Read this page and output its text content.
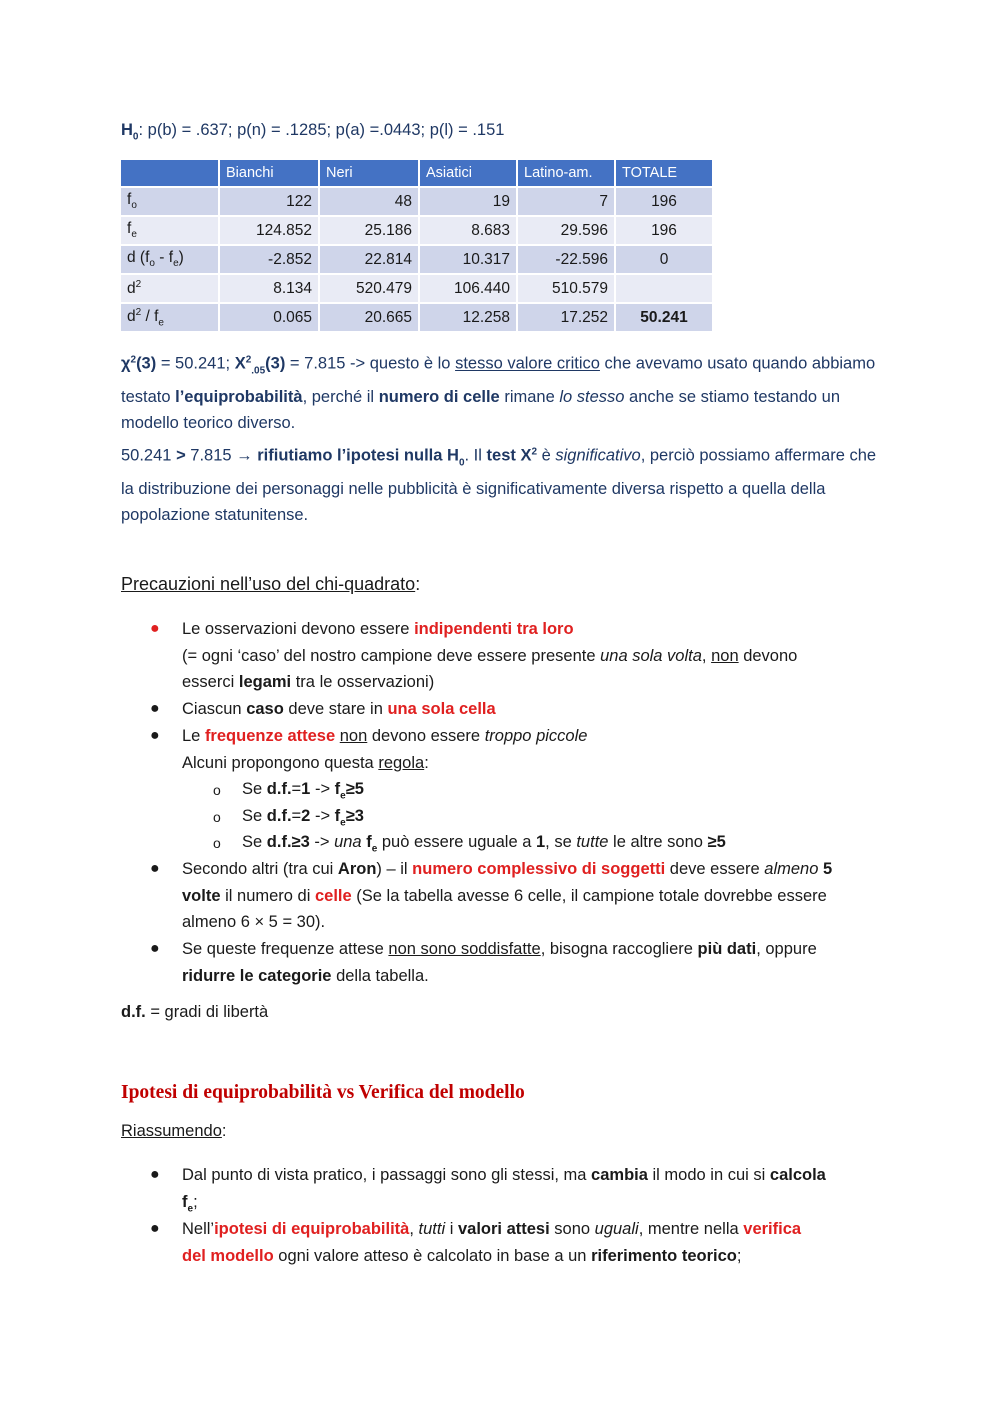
$H_0$: p(b) = .637; p(n) = .1285; p(a) =.0443; p(l) = .151
	Bianchi	Neri	Asiatici	Latino-am.	TOTALE
$f_o$	122	48	19	7	196
$f_e$	124.852	25.186	8.683	29.596	196
d $(f_o - f_e)$	-2.852	22.814	10.317	-22.596	0
$d^2$	8.134	520.479	106.440	510.579	
$d^2 / f_e$	0.065	20.665	12.258	17.252	50.241
$\chi^2(3) = 50.241$; $X^2_{.05}(3) = 7.815$ -> questo è lo stesso valore critico che avevamo usato quando abbiamo testato l’equiprobabilità, perché il numero di celle rimane lo stesso anche se stiamo testando un modello teorico diverso.
50.241 > 7.815 → rifiutiamo l’ipotesi nulla $H_0$. Il test $X^2$ è significativo, perciò possiamo affermare che la distribuzione dei personaggi nelle pubblicità è significativamente diversa rispetto a quella della popolazione statunitense.
Precauzioni nell’uso del chi-quadrato:
● Le osservazioni devono essere indipendenti tra loro
(= ogni ‘caso’ del nostro campione deve essere presente una sola volta, non devono
esserci legami tra le osservazioni)
● Ciascun caso deve stare in una sola cella
● Le frequenze attese non devono essere troppo piccole
Alcuni propongono questa regola:
o Se $d.f.=1 -> f_e\ge 5$
o Se $d.f.=2 -> f_e\ge 3$
o Se d.f.≥3 -> una $f_e$ può essere uguale a 1, se tutte le altre sono ≥5
● Secondo altri (tra cui Aron) – il numero complessivo di soggetti deve essere almeno 5
volte il numero di celle (Se la tabella avesse 6 celle, il campione totale dovrebbe essere
almeno 6 × 5 = 30).
● Se queste frequenze attese non sono soddisfatte, bisogna raccogliere più dati, oppure
ridurre le categorie della tabella.
d.f. = gradi di libertà
Ipotesi di equiprobabilità vs Verifica del modello
Riassumendo:
● Dal punto di vista pratico, i passaggi sono gli stessi, ma cambia il modo in cui si calcola
$f_e$;
● Nell’ipotesi di equiprobabilità, tutti i valori attesi sono uguali, mentre nella verifica
del modello ogni valore atteso è calcolato in base a un riferimento teorico;
